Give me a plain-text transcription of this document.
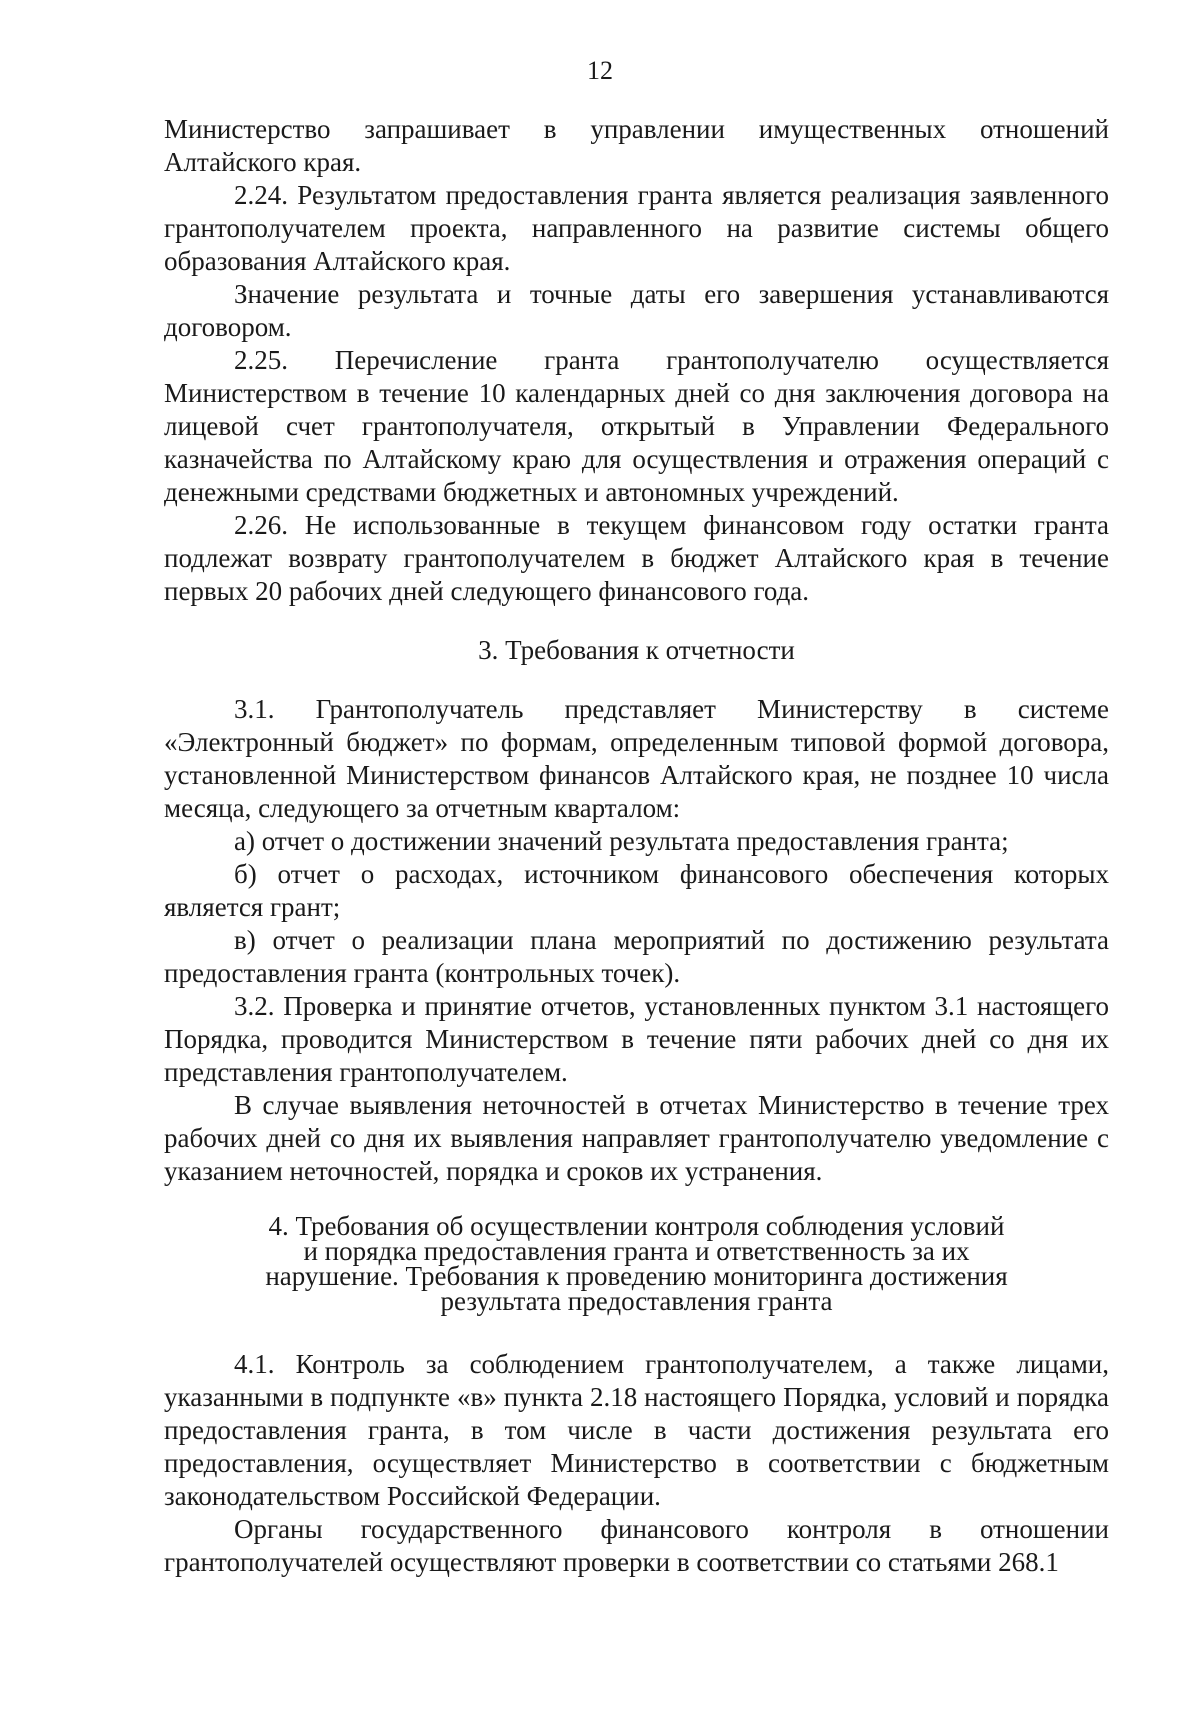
12

Министерство запрашивает в управлении имущественных отношений Алтайского края.

2.24. Результатом предоставления гранта является реализация заявленного грантополучателем проекта, направленного на развитие системы общего образования Алтайского края.

Значение результата и точные даты его завершения устанавливаются договором.

2.25. Перечисление гранта грантополучателю осуществляется Министерством в течение 10 календарных дней со дня заключения договора на лицевой счет грантополучателя, открытый в Управлении Федерального казначейства по Алтайскому краю для осуществления и отражения операций с денежными средствами бюджетных и автономных учреждений.

2.26. Не использованные в текущем финансовом году остатки гранта подлежат возврату грантополучателем в бюджет Алтайского края в течение первых 20 рабочих дней следующего финансового года.

3. Требования к отчетности

3.1. Грантополучатель представляет Министерству в системе «Электронный бюджет» по формам, определенным типовой формой договора, установленной Министерством финансов Алтайского края, не позднее 10 числа месяца, следующего за отчетным кварталом:

а) отчет о достижении значений результата предоставления гранта;

б) отчет о расходах, источником финансового обеспечения которых является грант;

в) отчет о реализации плана мероприятий по достижению результата предоставления гранта (контрольных точек).

3.2. Проверка и принятие отчетов, установленных пунктом 3.1 настоящего Порядка, проводится Министерством в течение пяти рабочих дней со дня их представления грантополучателем.

В случае выявления неточностей в отчетах Министерство в течение трех рабочих дней со дня их выявления направляет грантополучателю уведомление с указанием неточностей, порядка и сроков их устранения.

4. Требования об осуществлении контроля соблюдения условий
и порядка предоставления гранта и ответственность за их
нарушение. Требования к проведению мониторинга достижения
результата предоставления гранта

4.1. Контроль за соблюдением грантополучателем, а также лицами, указанными в подпункте «в» пункта 2.18 настоящего Порядка, условий и порядка предоставления гранта, в том числе в части достижения результата его предоставления, осуществляет Министерство в соответствии с бюджетным законодательством Российской Федерации.

Органы государственного финансового контроля в отношении грантополучателей осуществляют проверки в соответствии со статьями 268.1
